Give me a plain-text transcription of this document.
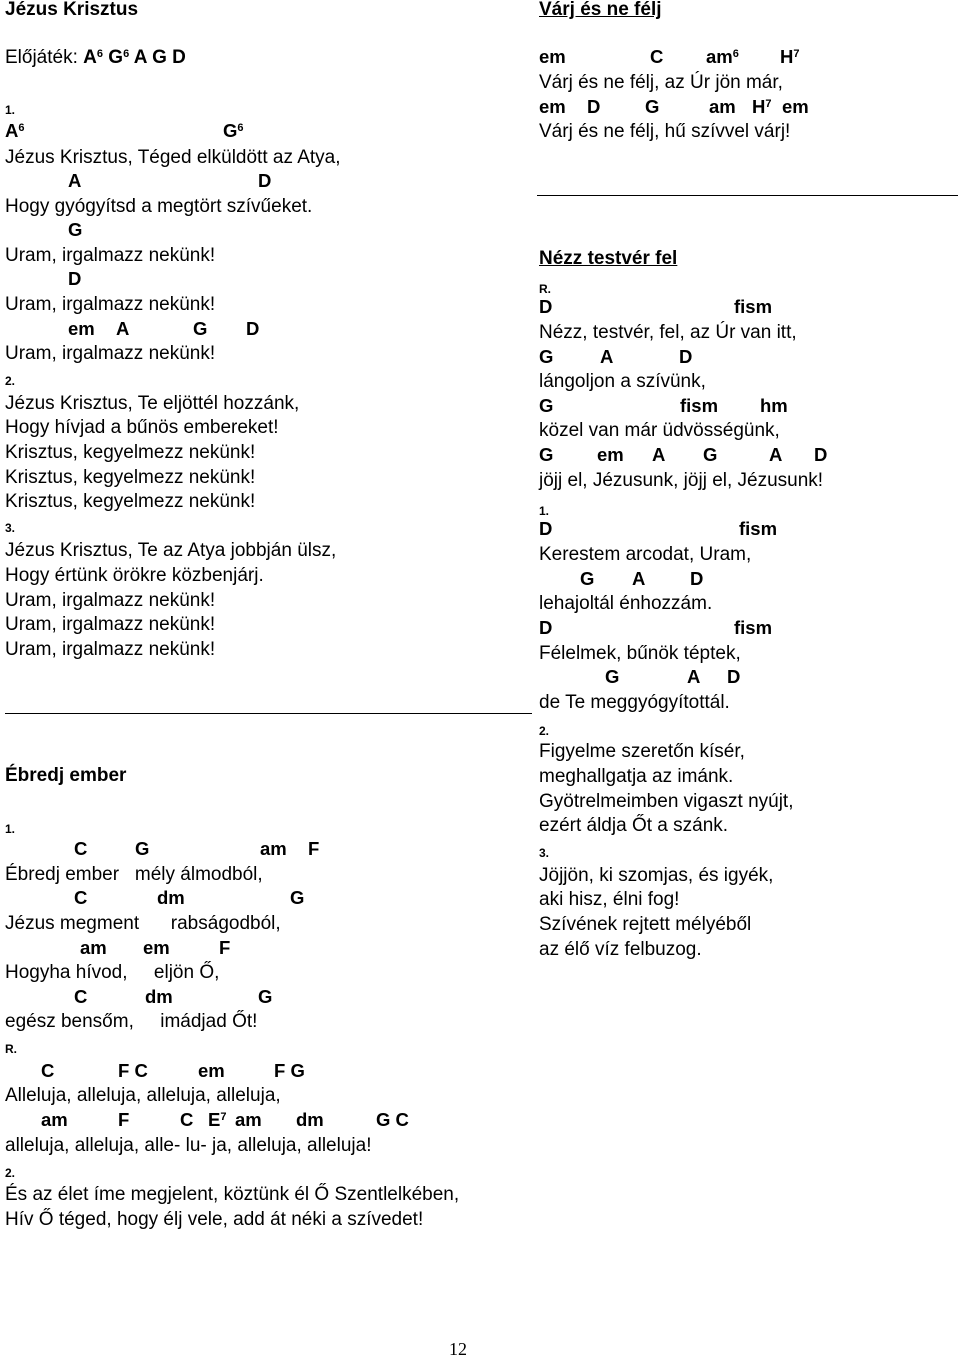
Jézus Krisztus
Előjáték: $A^6$ $G^6$ A G D
1.
$A^6$	$G^6$
Jézus Krisztus, Téged elküldött az Atya,
A	D
Hogy gyógyítsd a megtört szívűeket.
G
Uram, irgalmazz nekünk!
D
Uram, irgalmazz nekünk!
em A	G D
Uram, irgalmazz nekünk!
2.
Jézus Krisztus, Te eljöttél hozzánk,
Hogy hívjad a bűnös embereket!
Krisztus, kegyelmezz nekünk!
Krisztus, kegyelmezz nekünk!
Krisztus, kegyelmezz nekünk!
3.
Jézus Krisztus, Te az Atya jobbján ülsz,
Hogy értünk örökre közbenjárj.
Uram, irgalmazz nekünk!
Uram, irgalmazz nekünk!
Uram, irgalmazz nekünk!
Ébredj ember
1.
C	G	am F
Ébredj ember   mély álmodból,
C	dm	G
Jézus megment      rabságodból,
am em	F
Hogyha hívod,     eljön Ő,
C	dm	G
egész bensőm,     imádjad Őt!
R.
C	F C	em	F G
Alleluja, alleluja, alleluja, alleluja,
am	F	C $E^7$ am dm	G C
alleluja, alleluja, alle- lu- ja, alleluja, alleluja!
2.
És az élet íme megjelent, köztünk él Ő Szentlelkében,
Hív Ő téged, hogy élj vele, add át néki a szívedet!
Várj és ne félj
em	C $am^6$ $H^7$
Várj és ne félj, az Úr jön már,
em D G	am $H^7$ em
Várj és ne félj, hű szívvel várj!
Nézz testvér fel
R.
D	fism
Nézz, testvér, fel, az Úr van itt,
G	A	D
lángoljon a szívünk,
G	fism hm
közel van már üdvösségünk,
G em A G	A D
jöjj el, Jézusunk, jöjj el, Jézusunk!
1.
D	fism
Kerestem arcodat, Uram,
G A D
lehajoltál énhozzám.
D	fism
Félelmek, bűnök téptek,
G	A D
de Te meggyógyítottál.
2.
Figyelme szeretőn kísér,
meghallgatja az imánk.
Gyötrelmeimben vigaszt nyújt,
ezért áldja Őt a szánk.
3.
Jöjjön, ki szomjas, és igyék,
aki hisz, élni fog!
Szívének rejtett mélyéből
az élő víz felbuzog.
12
